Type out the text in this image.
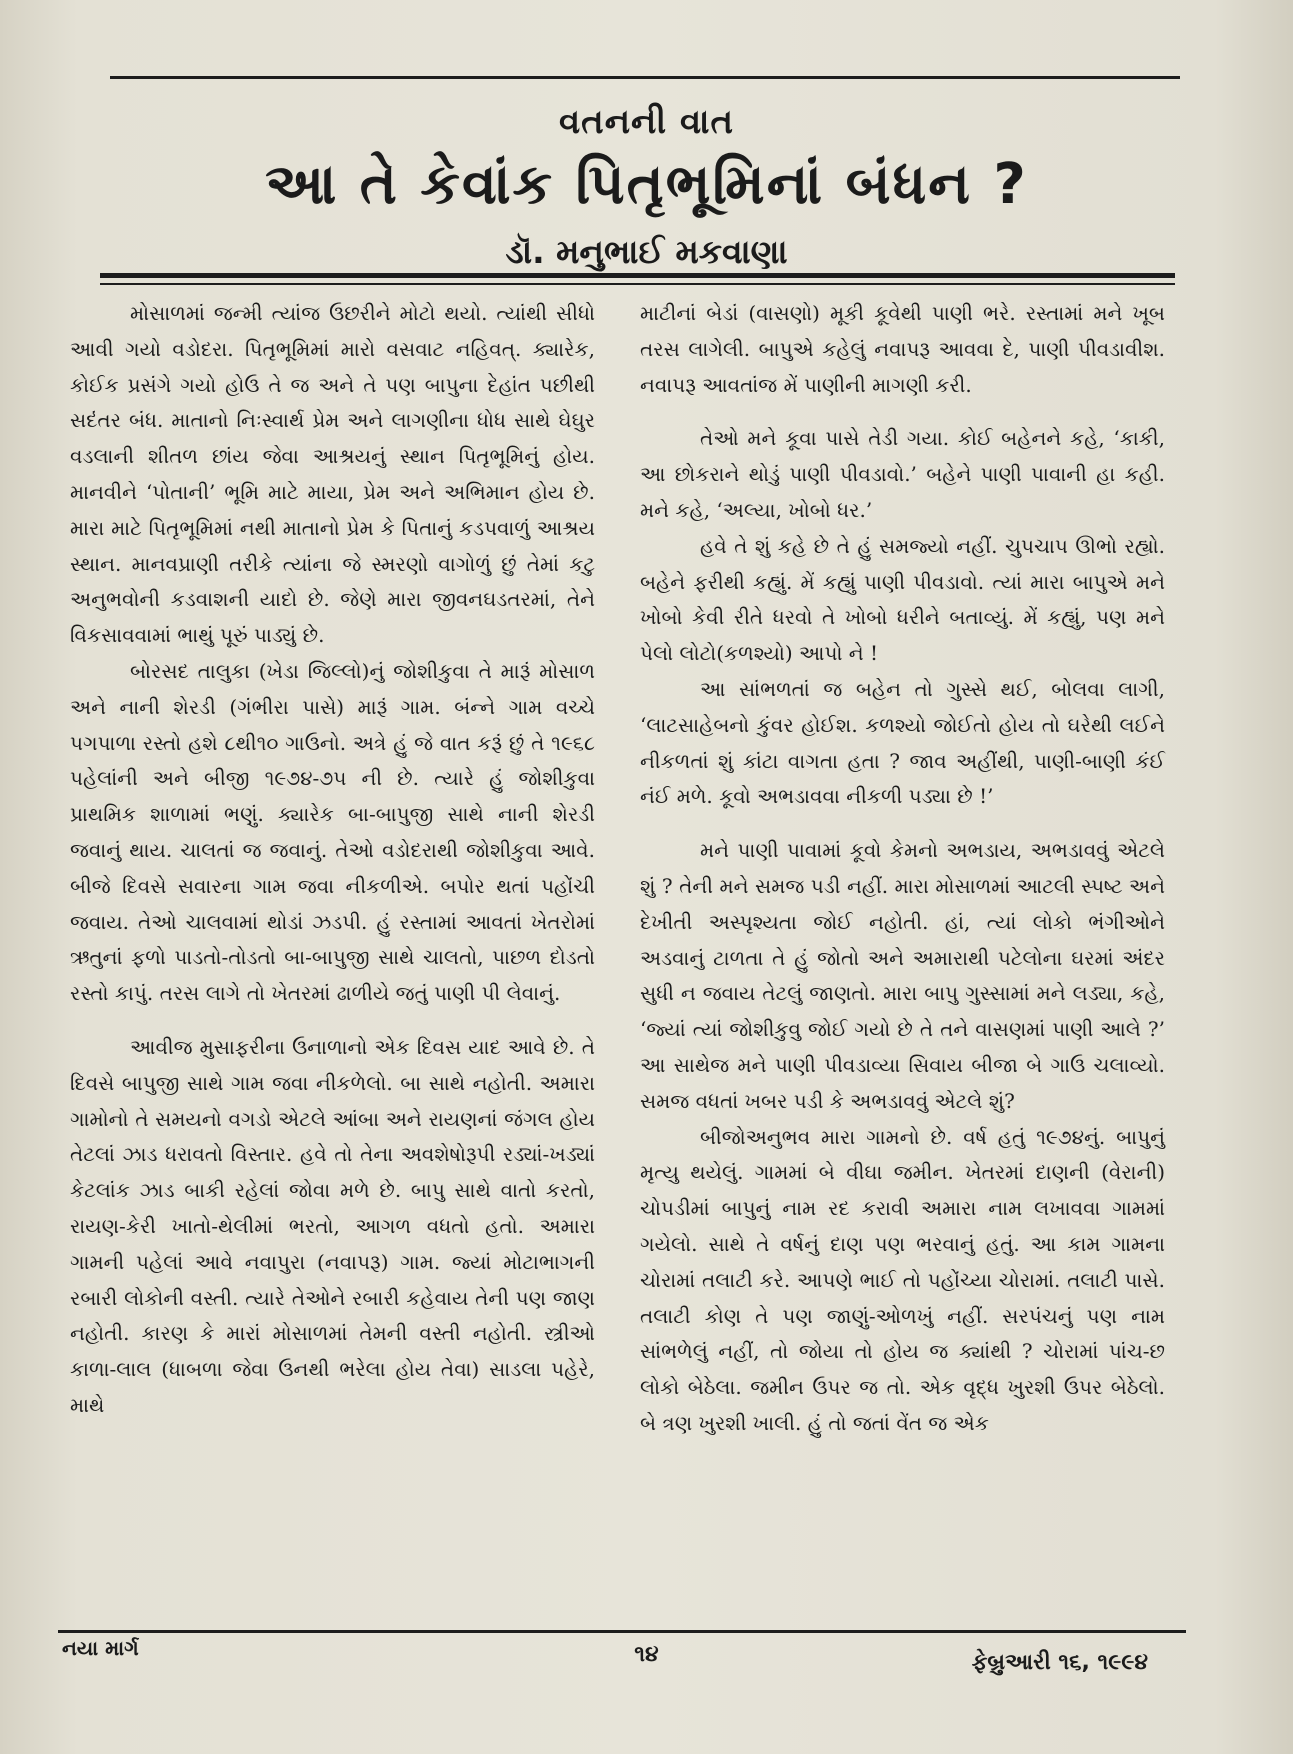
વતનની વાત
આ તે કેવાંક પિતૃભૂમિનાં બંધન ?
ડૉ. મનુભાઈ મકવાણા

મોસાળમાં જન્મી ત્યાંજ ઉછરીને મોટો થયો. ત્યાંથી સીધો આવી ગયો વડોદરા. પિતૃભૂમિમાં મારો વસવાટ નહિવત્. ક્યારેક, કોઈક પ્રસંગે ગયો હોઉ તે જ અને તે પણ બાપુના દેહાંત પછીથી સદંતર બંધ. માતાનો નિઃસ્વાર્થ પ્રેમ અને લાગણીના ધોધ સાથે ઘેઘુર વડલાની શીતળ છાંય જેવા આશ્રયનું સ્થાન પિતૃભૂમિનું હોય. માનવીને ‘પોતાની’ ભૂમિ માટે માયા, પ્રેમ અને અભિમાન હોય છે. મારા માટે પિતૃભૂમિમાં નથી માતાનો પ્રેમ કે પિતાનું કડપવાળું આશ્રય સ્થાન. માનવપ્રાણી તરીકે ત્યાંના જે સ્મરણો વાગોળું છું તેમાં કટુ અનુભવોની કડવાશની યાદો છે. જેણે મારા જીવનઘડતરમાં, તેને વિકસાવવામાં ભાથું પૂરું પાડ્યું છે.

બોરસદ તાલુકા (ખેડા જિલ્લો)નું જોશીકુવા તે મારૂં મોસાળ અને નાની શેરડી (ગંભીરા પાસે) મારૂં ગામ. બંન્ને ગામ વચ્ચે પગપાળા રસ્તો હશે ૮થી૧૦ ગાઉનો. અત્રે હું જે વાત કરૂં છું તે ૧૯૬૮ પહેલાંની અને બીજી ૧૯૭૪-૭૫ ની છે. ત્યારે હું જોશીકુવા પ્રાથમિક શાળામાં ભણું. ક્યારેક બા-બાપુજી સાથે નાની શેરડી જવાનું થાય. ચાલતાં જ જવાનું. તેઓ વડોદરાથી જોશીકુવા આવે. બીજે દિવસે સવારના ગામ જવા નીકળીએ. બપોર થતાં પહોંચી જવાય. તેઓ ચાલવામાં થોડાં ઝડપી. હું રસ્તામાં આવતાં ખેતરોમાં ઋતુનાં ફળો પાડતો-તોડતો બા-બાપુજી સાથે ચાલતો, પાછળ દોડતો રસ્તો કાપું. તરસ લાગે તો ખેતરમાં ઢાળીયે જતું પાણી પી લેવાનું.

આવીજ મુસાફરીના ઉનાળાનો એક દિવસ યાદ આવે છે. તે દિવસે બાપુજી સાથે ગામ જવા નીકળેલો. બા સાથે નહોતી. અમારા ગામોનો તે સમયનો વગડો એટલે આંબા અને રાયણનાં જંગલ હોય તેટલાં ઝાડ ધરાવતો વિસ્તાર. હવે તો તેના અવશેષોરૂપી રડ્યાં-ખડ્યાં કેટલાંક ઝાડ બાકી રહેલાં જોવા મળે છે. બાપુ સાથે વાતો કરતો, રાયણ-કેરી ખાતો-થેલીમાં ભરતો, આગળ વધતો હતો. અમારા ગામની પહેલાં આવે નવાપુરા (નવાપરૂ) ગામ. જ્યાં મોટાભાગની રબારી લોકોની વસ્તી. ત્યારે તેઓને રબારી કહેવાય તેની પણ જાણ નહોતી. કારણ કે મારાં મોસાળમાં તેમની વસ્તી નહોતી. સ્ત્રીઓ કાળા-લાલ (ધાબળા જેવા ઉનથી ભરેલા હોય તેવા) સાડલા પહેરે, માથે

માટીનાં બેડાં (વાસણો) મૂકી કૂવેથી પાણી ભરે. રસ્તામાં મને ખૂબ તરસ લાગેલી. બાપુએ કહેલું નવાપરૂ આવવા દે, પાણી પીવડાવીશ. નવાપરૂ આવતાંજ મેં પાણીની માગણી કરી.

તેઓ મને કૂવા પાસે તેડી ગયા. કોઈ બહેનને કહે, ‘કાકી, આ છોકરાને થોડું પાણી પીવડાવો.’ બહેને પાણી પાવાની હા કહી. મને કહે, ‘અલ્યા, ખોબો ધર.’

હવે તે શું કહે છે તે હું સમજ્યો નહીં. ચુપચાપ ઊભો રહ્યો. બહેને ફરીથી કહ્યું. મેં કહ્યું પાણી પીવડાવો. ત્યાં મારા બાપુએ મને ખોબો કેવી રીતે ધરવો તે ખોબો ધરીને બતાવ્યું. મેં કહ્યું, પણ મને પેલો લોટો(કળશ્યો) આપો ને !

આ સાંભળતાં જ બહેન તો ગુસ્સે થઈ, બોલવા લાગી, ‘લાટસાહેબનો કુંવર હોઈશ. કળશ્યો જોઈતો હોય તો ઘરેથી લઈને નીકળતાં શું કાંટા વાગતા હતા ? જાવ અહીંથી, પાણી-બાણી કંઈ નંઈ મળે. કૂવો અભડાવવા નીકળી પડ્યા છે !’

મને પાણી પાવામાં કૂવો કેમનો અભડાય, અભડાવવું એટલે શું ? તેની મને સમજ પડી નહીં. મારા મોસાળમાં આટલી સ્પષ્ટ અને દેખીતી અસ્પૃશ્યતા જોઈ નહોતી. હાં, ત્યાં લોકો ભંગીઓને અડવાનું ટાળતા તે હું જોતો અને અમારાથી પટેલોના ઘરમાં અંદર સુધી ન જવાય તેટલું જાણતો. મારા બાપુ ગુસ્સામાં મને લડ્યા, કહે, ‘જ્યાં ત્યાં જોશીકુવુ જોઈ ગયો છે તે તને વાસણમાં પાણી આલે ?’ આ સાથેજ મને પાણી પીવડાવ્યા સિવાય બીજા બે ગાઉ ચલાવ્યો. સમજ વધતાં ખબર પડી કે અભડાવવું એટલે શું?

બીજોઅનુભવ મારા ગામનો છે. વર્ષ હતું ૧૯૭૪નું. બાપુનું મૃત્યુ થયેલું. ગામમાં બે વીઘા જમીન. ખેતરમાં દાણની (વેરાની) ચોપડીમાં બાપુનું નામ રદ કરાવી અમારા નામ લખાવવા ગામમાં ગયેલો. સાથે તે વર્ષનું દાણ પણ ભરવાનું હતું. આ કામ ગામના ચોરામાં તલાટી કરે. આપણે ભાઈ તો પહોંચ્યા ચોરામાં. તલાટી પાસે. તલાટી કોણ તે પણ જાણું-ઓળખું નહીં. સરપંચનું પણ નામ સાંભળેલું નહીં, તો જોયા તો હોય જ ક્યાંથી ? ચોરામાં પાંચ-છ લોકો બેઠેલા. જમીન ઉપર જ તો. એક વૃદ્ધ ખુરશી ઉપર બેઠેલો. બે ત્રણ ખુરશી ખાલી. હું તો જતાં વેંત જ એક

નયા માર્ગ	૧૪	ફેબ્રુઆરી ૧૬, ૧૯૯૪
